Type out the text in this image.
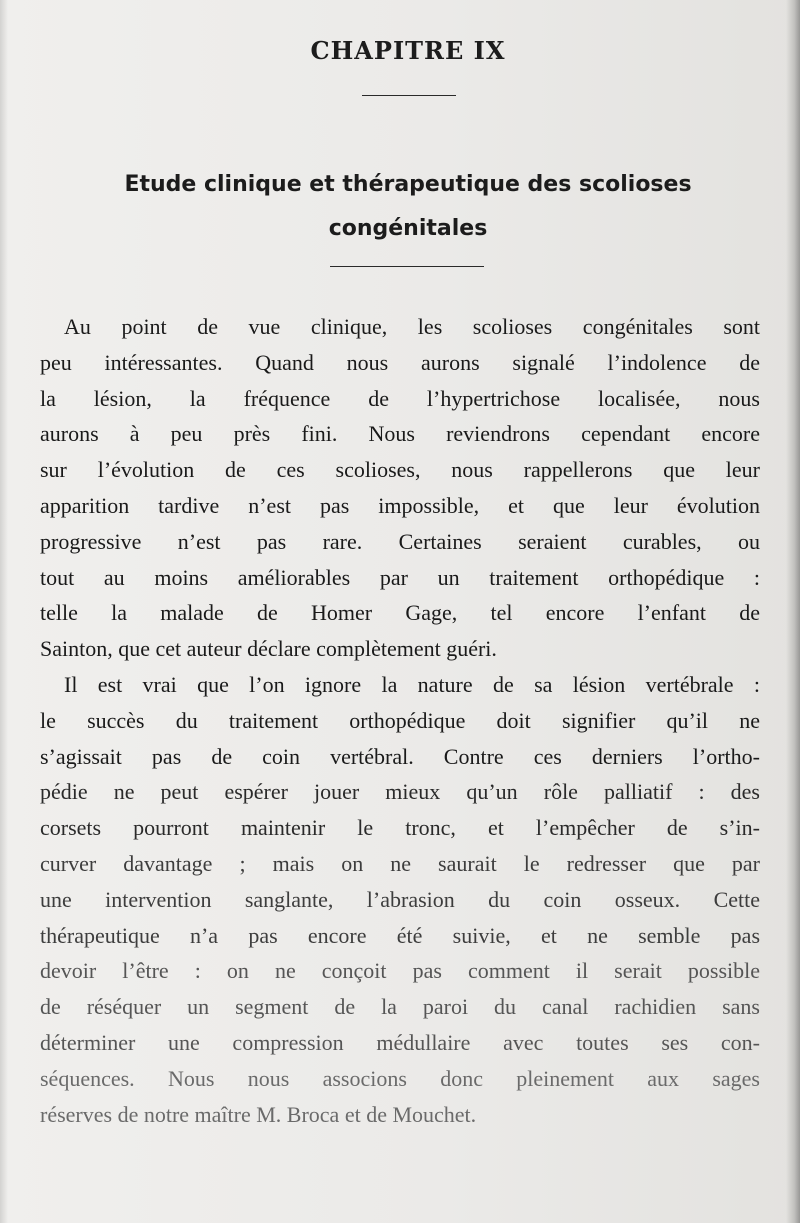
CHAPITRE IX
Etude clinique et thérapeutique des scolioses
congénitales
Au point de vue clinique, les scolioses congénitales sont
peu intéressantes. Quand nous aurons signalé l’indolence de
la lésion, la fréquence de l’hypertrichose localisée, nous
aurons à peu près fini. Nous reviendrons cependant encore
sur l’évolution de ces scolioses, nous rappellerons que leur
apparition tardive n’est pas impossible, et que leur évolution
progressive n’est pas rare. Certaines seraient curables, ou
tout au moins améliorables par un traitement orthopédique :
telle la malade de Homer Gage, tel encore l’enfant de
Sainton, que cet auteur déclare complètement guéri.
Il est vrai que l’on ignore la nature de sa lésion vertébrale :
le succès du traitement orthopédique doit signifier qu’il ne
s’agissait pas de coin vertébral. Contre ces derniers l’ortho-
pédie ne peut espérer jouer mieux qu’un rôle palliatif : des
corsets pourront maintenir le tronc, et l’empêcher de s’in-
curver davantage ; mais on ne saurait le redresser que par
une intervention sanglante, l’abrasion du coin osseux. Cette
thérapeutique n’a pas encore été suivie, et ne semble pas
devoir l’être : on ne conçoit pas comment il serait possible
de réséquer un segment de la paroi du canal rachidien sans
déterminer une compression médullaire avec toutes ses con-
séquences. Nous nous associons donc pleinement aux sages
réserves de notre maître M. Broca et de Mouchet.
